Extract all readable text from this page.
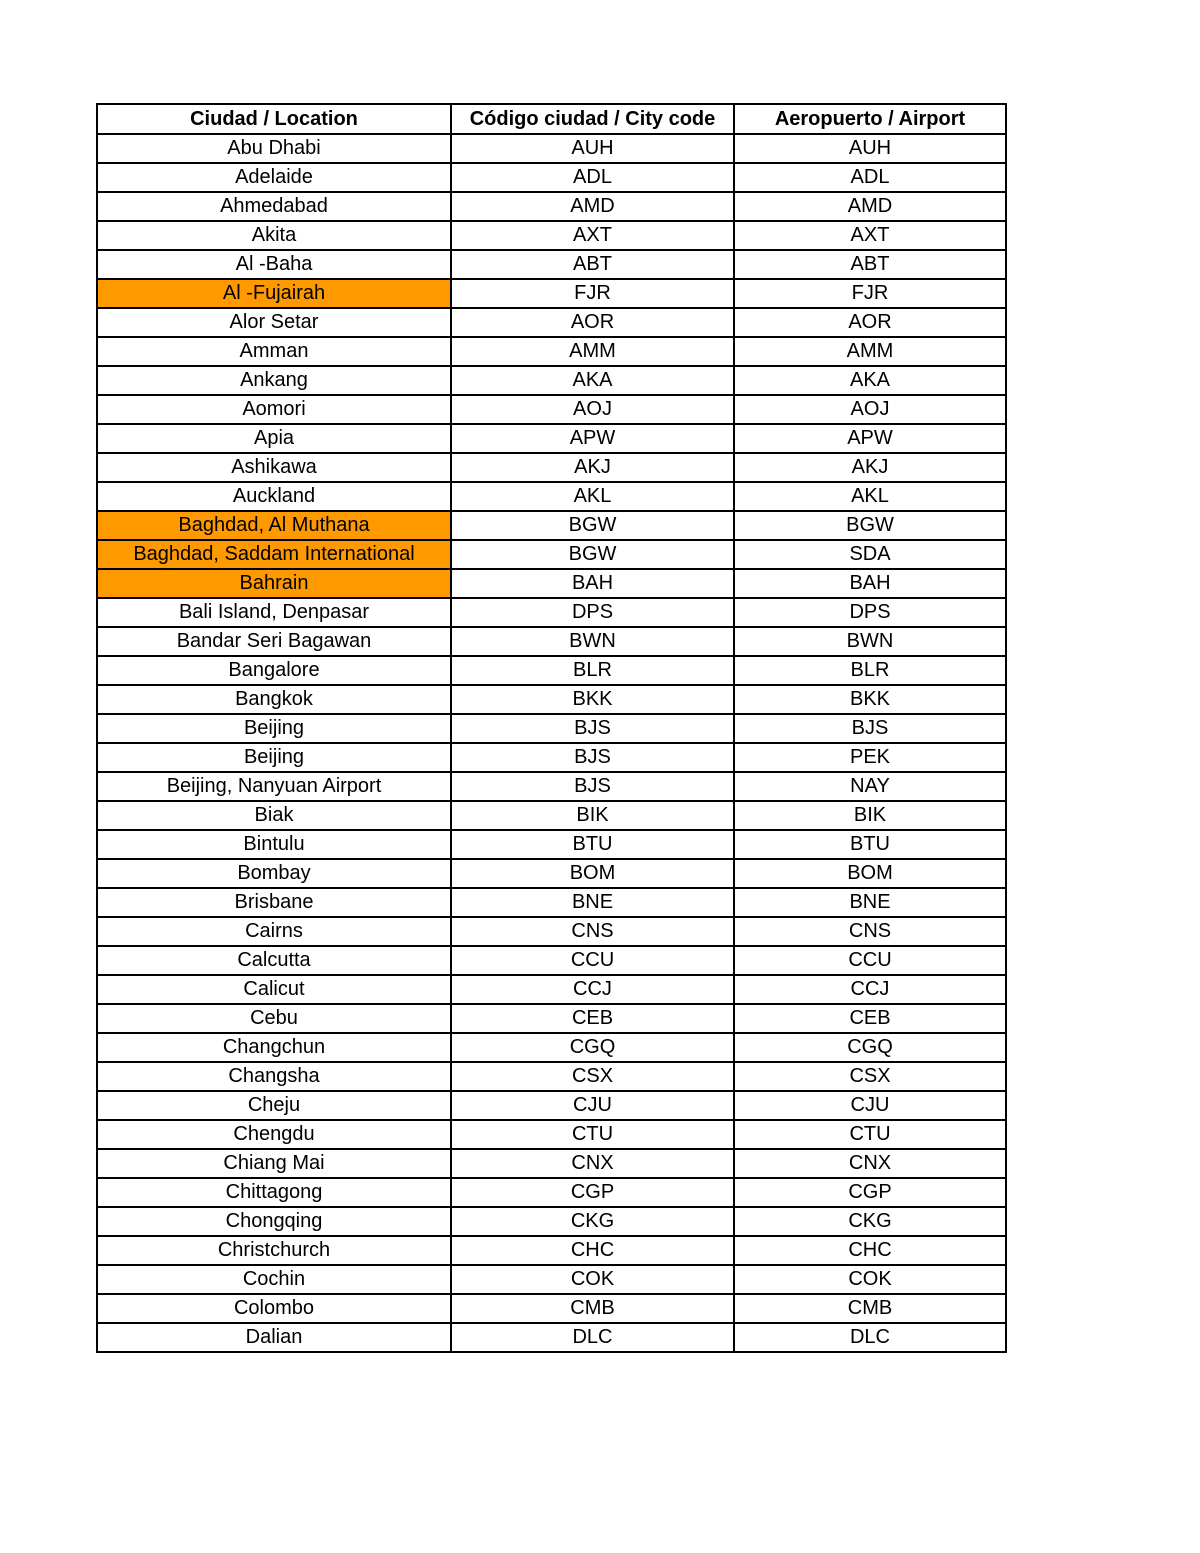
Ciudad / Location	Código ciudad / City code	Aeropuerto / Airport
Abu Dhabi	AUH	AUH
Adelaide	ADL	ADL
Ahmedabad	AMD	AMD
Akita	AXT	AXT
Al -Baha	ABT	ABT
Al -Fujairah	FJR	FJR
Alor Setar	AOR	AOR
Amman	AMM	AMM
Ankang	AKA	AKA
Aomori	AOJ	AOJ
Apia	APW	APW
Ashikawa	AKJ	AKJ
Auckland	AKL	AKL
Baghdad, Al Muthana	BGW	BGW
Baghdad, Saddam International	BGW	SDA
Bahrain	BAH	BAH
Bali Island, Denpasar	DPS	DPS
Bandar Seri Bagawan	BWN	BWN
Bangalore	BLR	BLR
Bangkok	BKK	BKK
Beijing	BJS	BJS
Beijing	BJS	PEK
Beijing, Nanyuan Airport	BJS	NAY
Biak	BIK	BIK
Bintulu	BTU	BTU
Bombay	BOM	BOM
Brisbane	BNE	BNE
Cairns	CNS	CNS
Calcutta	CCU	CCU
Calicut	CCJ	CCJ
Cebu	CEB	CEB
Changchun	CGQ	CGQ
Changsha	CSX	CSX
Cheju	CJU	CJU
Chengdu	CTU	CTU
Chiang Mai	CNX	CNX
Chittagong	CGP	CGP
Chongqing	CKG	CKG
Christchurch	CHC	CHC
Cochin	COK	COK
Colombo	CMB	CMB
Dalian	DLC	DLC
